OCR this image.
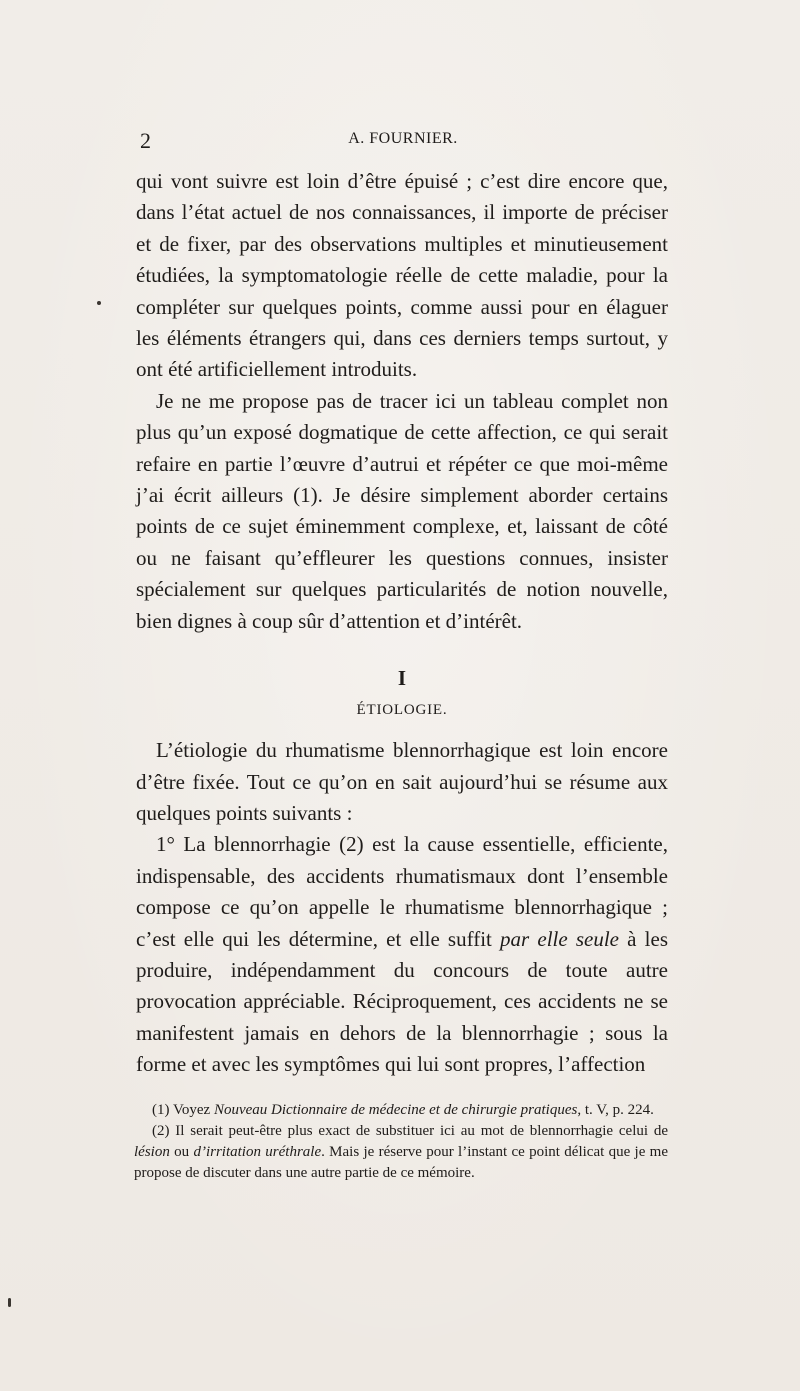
2	A. FOURNIER.

qui vont suivre est loin d’être épuisé ; c’est dire encore que, dans l’état actuel de nos connaissances, il importe de préciser et de fixer, par des observations multiples et minutieusement étudiées, la symptomatologie réelle de cette maladie, pour la compléter sur quelques points, comme aussi pour en élaguer les éléments étrangers qui, dans ces derniers temps surtout, y ont été artificiellement introduits.

Je ne me propose pas de tracer ici un tableau complet non plus qu’un exposé dogmatique de cette affection, ce qui serait refaire en partie l’œuvre d’autrui et répéter ce que moi-même j’ai écrit ailleurs (1). Je désire simplement aborder certains points de ce sujet éminemment complexe, et, laissant de côté ou ne faisant qu’effleurer les questions connues, insister spécialement sur quelques particularités de notion nouvelle, bien dignes à coup sûr d’attention et d’intérêt.

I
ÉTIOLOGIE.

L’étiologie du rhumatisme blennorrhagique est loin encore d’être fixée. Tout ce qu’on en sait aujourd’hui se résume aux quelques points suivants :

1° La blennorrhagie (2) est la cause essentielle, efficiente, indispensable, des accidents rhumatismaux dont l’ensemble compose ce qu’on appelle le rhumatisme blennorrhagique ; c’est elle qui les détermine, et elle suffit par elle seule à les produire, indépendamment du concours de toute autre provocation appréciable. Réciproquement, ces accidents ne se manifestent jamais en dehors de la blennorrhagie ; sous la forme et avec les symptômes qui lui sont propres, l’affection

(1) Voyez Nouveau Dictionnaire de médecine et de chirurgie pratiques, t. V, p. 224.

(2) Il serait peut-être plus exact de substituer ici au mot de blennorrhagie celui de lésion ou d’irritation uréthrale. Mais je réserve pour l’instant ce point délicat que je me propose de discuter dans une autre partie de ce mémoire.
